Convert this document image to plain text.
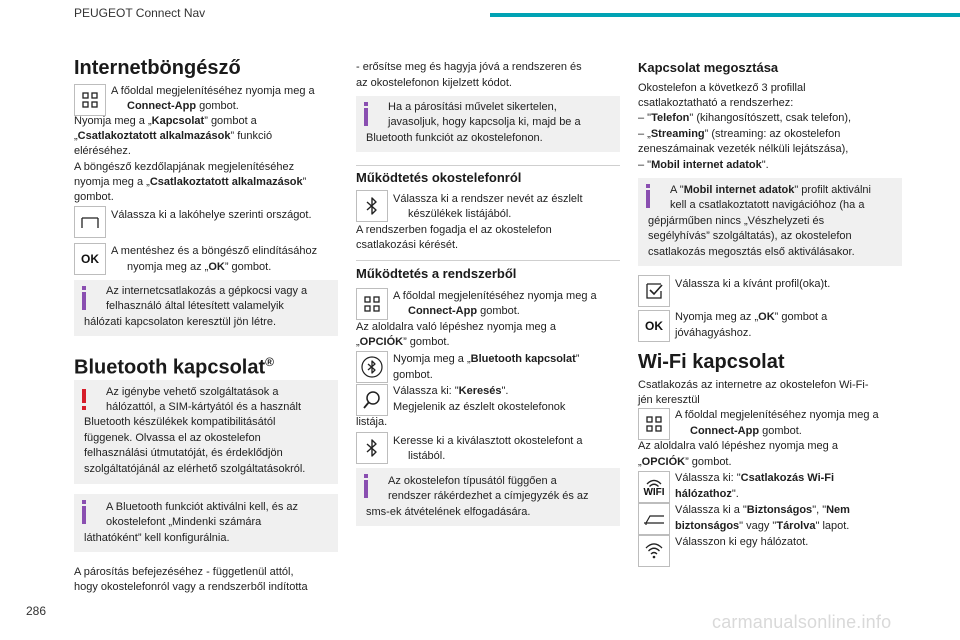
PEUGEOT Connect Nav
286
carmanualsonline.info
Internetböngésző
A főoldal megjelenítéséhez nyomja meg a
Connect-App gombot.
Nyomja meg a „Kapcsolat” gombot a
„Csatlakoztatott alkalmazások” funkció
eléréséhez.
A böngésző kezdőlapjának megjelenítéséhez
nyomja meg a „Csatlakoztatott alkalmazások”
gombot.
Válassza ki a lakóhelye szerinti országot.
OK
A mentéshez és a böngésző elindításához
nyomja meg az „OK” gombot.
Az internetcsatlakozás a gépkocsi vagy a
felhasználó által létesített valamelyik
hálózati kapcsolaton keresztül jön létre.
Bluetooth kapcsolat®
Az igénybe vehető szolgáltatások a
hálózattól, a SIM-kártyától és a használt
Bluetooth készülékek kompatibilitásától
függenek. Olvassa el az okostelefon
felhasználási útmutatóját, és érdeklődjön
szolgáltatójánál az elérhető szolgáltatásokról.
A Bluetooth funkciót aktiválni kell, és az
okostelefont „Mindenki számára
láthatóként” kell konfigurálnia.
A párosítás befejezéséhez - függetlenül attól,
hogy okostelefonról vagy a rendszerből indította
- erősítse meg és hagyja jóvá a rendszeren és
az okostelefonon kijelzett kódot.
Ha a párosítási művelet sikertelen,
javasoljuk, hogy kapcsolja ki, majd be a
Bluetooth funkciót az okostelefonon.
Működtetés okostelefonról
Válassza ki a rendszer nevét az észlelt
készülékek listájából.
A rendszerben fogadja el az okostelefon
csatlakozási kérését.
Működtetés a rendszerből
A főoldal megjelenítéséhez nyomja meg a
Connect-App gombot.
Az aloldalra való lépéshez nyomja meg a
„OPCIÓK” gombot.
Nyomja meg a „Bluetooth kapcsolat”
gombot.
Válassza ki: "Keresés".
Megjelenik az észlelt okostelefonok
listája.
Keresse ki a kiválasztott okostelefont a
listából.
Az okostelefon típusától függően a
rendszer rákérdezhet a címjegyzék és az
sms-ek átvételének elfogadására.
Kapcsolat megosztása
Okostelefon a következő 3 profillal
csatlakoztatható a rendszerhez:
– "Telefon" (kihangosítószett, csak telefon),
– „Streaming” (streaming: az okostelefon
zeneszámainak vezeték nélküli lejátszása),
– "Mobil internet adatok".
A "Mobil internet adatok" profilt aktiválni
kell a csatlakoztatott navigációhoz (ha a
gépjárműben nincs „Vészhelyzeti és
segélyhívás” szolgáltatás), az okostelefon
csatlakozás megosztás első aktiválásakor.
Válassza ki a kívánt profil(oka)t.
OK
Nyomja meg az „OK” gombot a
jóváhagyáshoz.
Wi-Fi kapcsolat
Csatlakozás az internetre az okostelefon Wi-Fi-
jén keresztül
A főoldal megjelenítéséhez nyomja meg a
Connect-App gombot.
Az aloldalra való lépéshez nyomja meg a
„OPCIÓK” gombot.
WIFI
Válassza ki: "Csatlakozás Wi-Fi
hálózathoz".
Válassza ki a "Biztonságos", "Nem
biztonságos" vagy "Tárolva" lapot.
Válasszon ki egy hálózatot.
